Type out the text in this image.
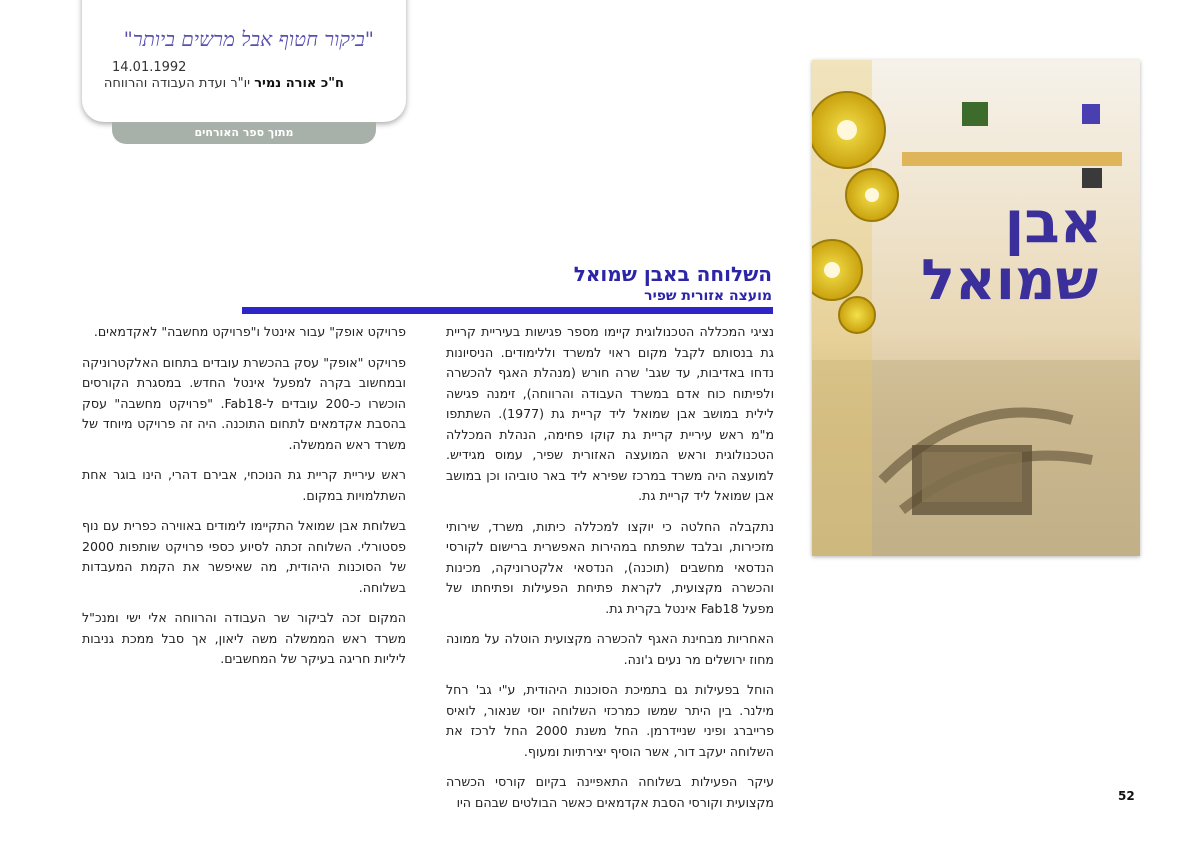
"ביקור חטוף אבל מרשים ביותר"
14.01.1992
ח"כ אורה נמיר יו"ר ועדת העבודה והרווחה
מתוך ספר האורחים
אבן
שמואל
השלוחה באבן שמואל
מועצה אזורית שפיר

נציגי המכללה הטכנולוגית קיימו מספר פגישות בעיריית קריית גת בנסותם לקבל מקום ראוי למשרד וללימודים. הניסיונות נדחו באדיבות, עד שגב' שרה חורש (מנהלת האגף להכשרה ולפיתוח כוח אדם במשרד העבודה והרווחה), זימנה פגישה לילית במושב אבן שמואל ליד קריית גת (1977). השתתפו מ"מ ראש עיריית קריית גת קוקו פחימה, הנהלת המכללה הטכנולוגית וראש המועצה האזורית שפיר, עמוס מגידיש. למועצה היה משרד במרכז שפירא ליד באר טוביהו וכן במושב אבן שמואל ליד קריית גת.

נתקבלה החלטה כי יוקצו למכללה כיתות, משרד, שירותי מזכירות, ובלבד שתפתח במהירות האפשרית ברישום לקורסי הנדסאי מחשבים (תוכנה), הנדסאי אלקטרוניקה, מכינות והכשרה מקצועית, לקראת פתיחת הפעילות ופתיחתו של מפעל Fab18 אינטל בקרית גת.

האחריות מבחינת האגף להכשרה מקצועית הוטלה על ממונה מחוז ירושלים מר נעים ג'ונה.

הוחל בפעילות גם בתמיכת הסוכנות היהודית, ע"י גב' רחל מילנר. בין היתר שמשו כמרכזי השלוחה יוסי שנאור, לואיס פרייברג ופיני שניידרמן. החל משנת 2000 החל לרכז את השלוחה יעקב דור, אשר הוסיף יצירתיות ומעוף.

עיקר הפעילות בשלוחה התאפיינה בקיום קורסי הכשרה מקצועית וקורסי הסבת אקדמאים כאשר הבולטים שבהם היו

פרויקט אופק" עבור אינטל ו"פרויקט מחשבה" לאקדמאים.

פרויקט "אופק" עסק בהכשרת עובדים בתחום האלקטרוניקה ובמחשוב בקרה למפעל אינטל החדש. במסגרת הקורסים הוכשרו כ-200 עובדים ל-Fab18. "פרויקט מחשבה" עסק בהסבת אקדמאים לתחום התוכנה. היה זה פרויקט מיוחד של משרד ראש הממשלה.

ראש עיריית קריית גת הנוכחי, אבירם דהרי, הינו בוגר אחת השתלמויות במקום.

בשלוחת אבן שמואל התקיימו לימודים באווירה כפרית עם נוף פסטורלי. השלוחה זכתה לסיוע כספי פרויקט שותפות 2000 של הסוכנות היהודית, מה שאיפשר את הקמת המעבדות בשלוחה.

המקום זכה לביקור שר העבודה והרווחה אלי ישי ומנכ"ל משרד ראש הממשלה משה ליאון, אך סבל ממכת גניבות ליליות חריגה בעיקר של המחשבים.

52
